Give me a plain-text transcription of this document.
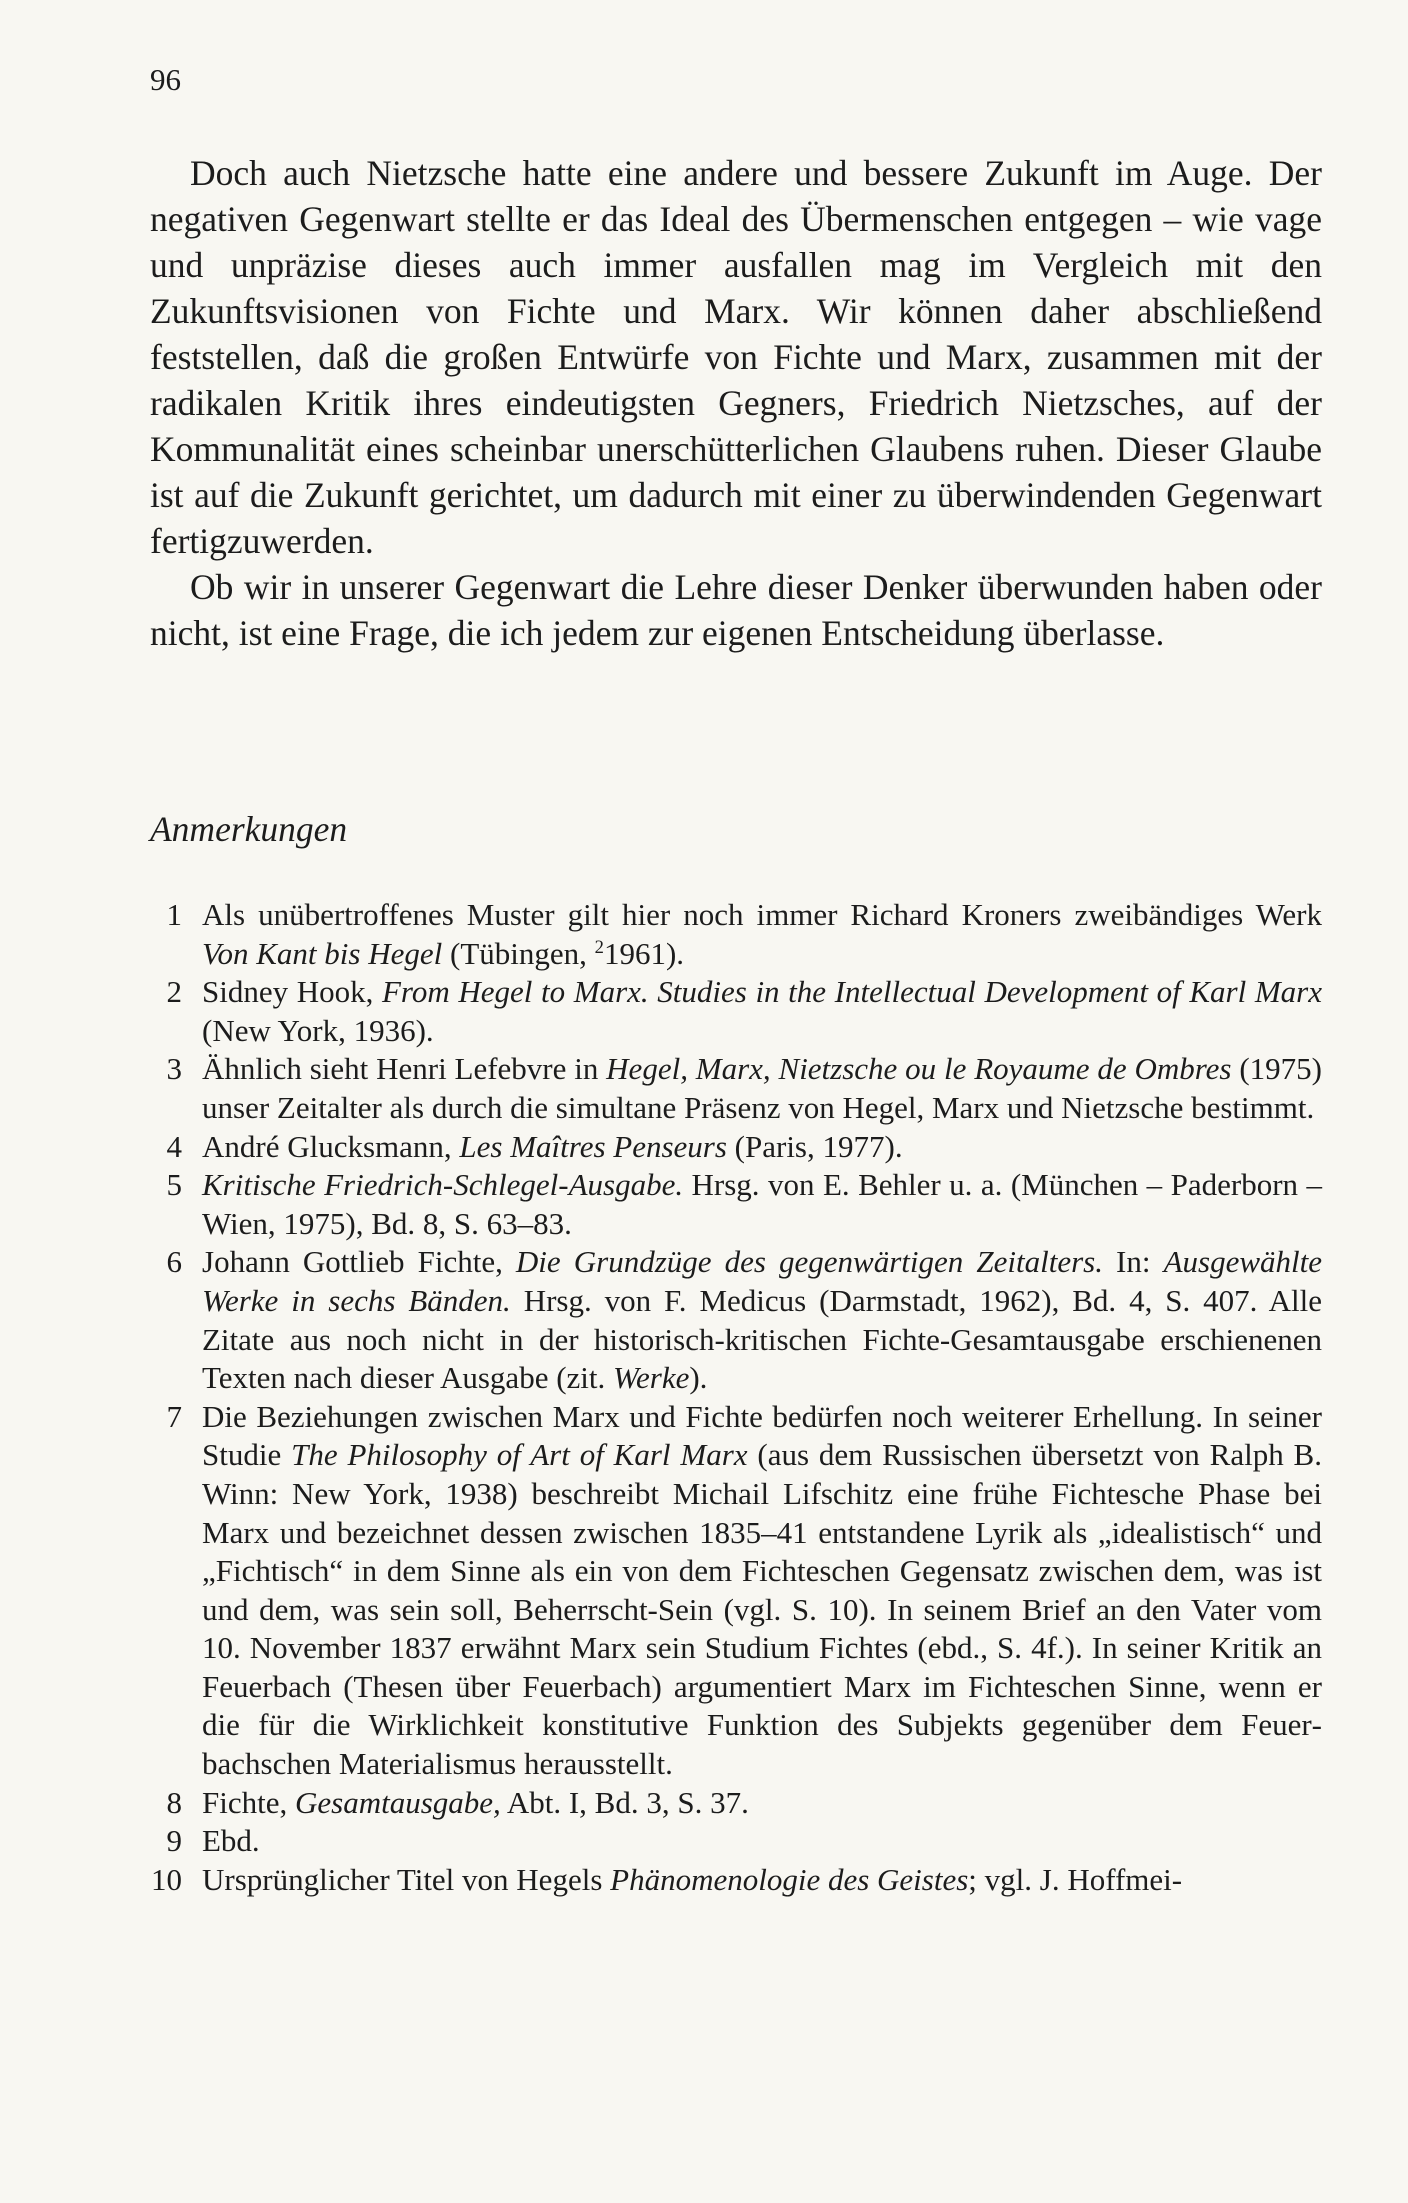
96

Doch auch Nietzsche hatte eine andere und bessere Zukunft im Auge. Der negativen Gegenwart stellte er das Ideal des Übermenschen entgegen – wie vage und unpräzise dieses auch immer ausfallen mag im Vergleich mit den Zukunftsvisionen von Fichte und Marx. Wir können daher abschließend feststellen, daß die großen Entwürfe von Fichte und Marx, zusammen mit der radikalen Kritik ihres eindeutigsten Gegners, Friedrich Nietzsches, auf der Kommunalität eines scheinbar unerschütterlichen Glaubens ruhen. Dieser Glaube ist auf die Zukunft gerichtet, um dadurch mit einer zu überwindenden Gegenwart fertigzuwerden.

Ob wir in unserer Gegenwart die Lehre dieser Denker überwunden haben oder nicht, ist eine Frage, die ich jedem zur eigenen Entscheidung überlasse.

Anmerkungen
1 Als unübertroffenes Muster gilt hier noch immer Richard Kroners zweibändiges Werk Von Kant bis Hegel (Tübingen, $^2$1961).
2 Sidney Hook, From Hegel to Marx. Studies in the Intellectual Development of Karl Marx (New York, 1936).
3 Ähnlich sieht Henri Lefebvre in Hegel, Marx, Nietzsche ou le Royaume de Ombres (1975) unser Zeitalter als durch die simultane Präsenz von Hegel, Marx und Nietzsche bestimmt.
4 André Glucksmann, Les Maîtres Penseurs (Paris, 1977).
5 Kritische Friedrich-Schlegel-Ausgabe. Hrsg. von E. Behler u. a. (München – Paderborn – Wien, 1975), Bd. 8, S. 63–83.
6 Johann Gottlieb Fichte, Die Grundzüge des gegenwärtigen Zeitalters. In: Ausgewählte Werke in sechs Bänden. Hrsg. von F. Medicus (Darmstadt, 1962), Bd. 4, S. 407. Alle Zitate aus noch nicht in der historisch-kritischen Fichte-Gesamtausgabe erschienenen Texten nach dieser Ausgabe (zit. Werke).
7 Die Beziehungen zwischen Marx und Fichte bedürfen noch weiterer Erhellung. In seiner Studie The Philosophy of Art of Karl Marx (aus dem Russischen übersetzt von Ralph B. Winn: New York, 1938) beschreibt Michail Lifschitz eine frühe Fichtesche Phase bei Marx und bezeichnet dessen zwischen 1835–41 entstandene Lyrik als „idealistisch“ und „Fichtisch“ in dem Sinne als ein von dem Fichteschen Gegensatz zwischen dem, was ist und dem, was sein soll, Beherrscht-Sein (vgl. S. 10). In seinem Brief an den Vater vom 10. November 1837 erwähnt Marx sein Studium Fichtes (ebd., S. 4f.). In seiner Kritik an Feuerbach (Thesen über Feuerbach) argumentiert Marx im Fichteschen Sinne, wenn er die für die Wirklichkeit konstitutive Funktion des Subjekts gegenüber dem Feuerbachschen Materialismus herausstellt.
8 Fichte, Gesamtausgabe, Abt. I, Bd. 3, S. 37.
9 Ebd.
10 Ursprünglicher Titel von Hegels Phänomenologie des Geistes; vgl. J. Hoffmei-
